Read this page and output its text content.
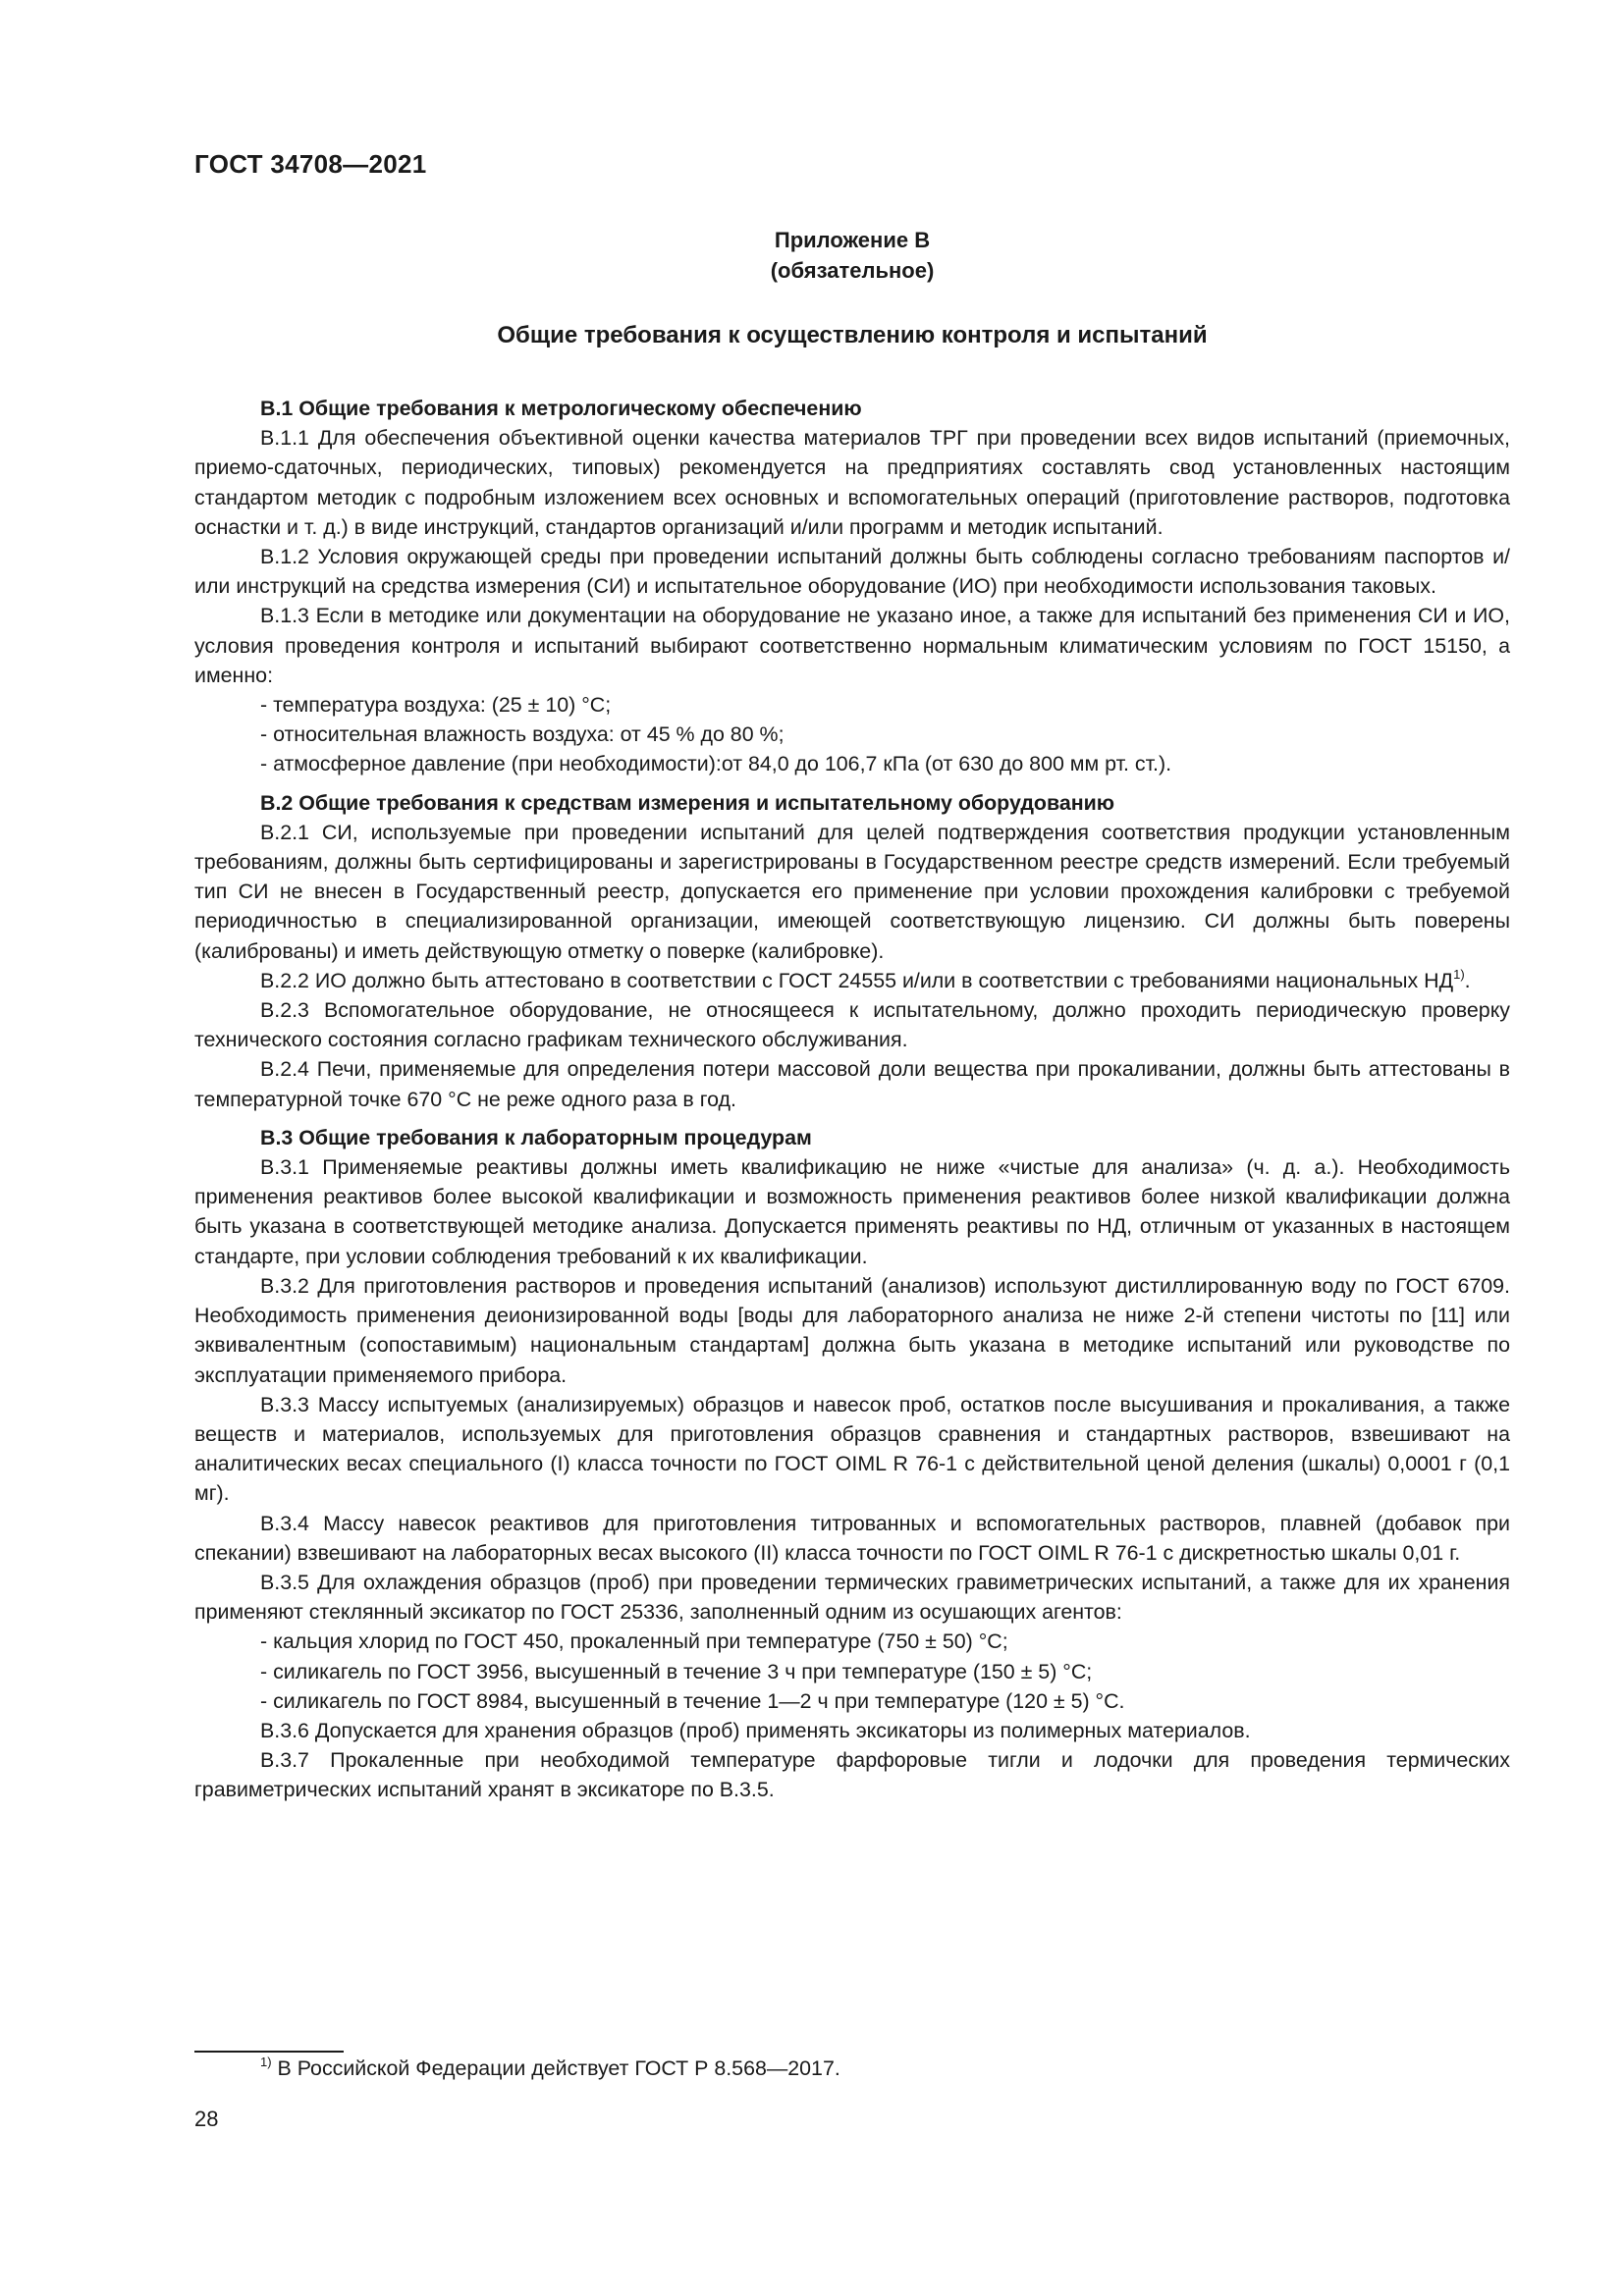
ГОСТ 34708—2021
Приложение В
(обязательное)
Общие требования к осуществлению контроля и испытаний

В.1 Общие требования к метрологическому обеспечению

В.1.1 Для обеспечения объективной оценки качества материалов ТРГ при проведении всех видов испытаний (приемочных, приемо-сдаточных, периодических, типовых) рекомендуется на предприятиях составлять свод установленных настоящим стандартом методик с подробным изложением всех основных и вспомогательных операций (приготовление растворов, подготовка оснастки и т. д.) в виде инструкций, стандартов организаций и/или программ и методик испытаний.

В.1.2 Условия окружающей среды при проведении испытаний должны быть соблюдены согласно требованиям паспортов и/или инструкций на средства измерения (СИ) и испытательное оборудование (ИО) при необходимости использования таковых.

В.1.3 Если в методике или документации на оборудование не указано иное, а также для испытаний без применения СИ и ИО, условия проведения контроля и испытаний выбирают соответственно нормальным климатическим условиям по ГОСТ 15150, а именно:

- температура воздуха: (25 ± 10) °С;

- относительная влажность воздуха: от 45 % до 80 %;

- атмосферное давление (при необходимости):от 84,0 до 106,7 кПа (от 630 до 800 мм рт. ст.).

В.2 Общие требования к средствам измерения и испытательному оборудованию

В.2.1 СИ, используемые при проведении испытаний для целей подтверждения соответствия продукции установленным требованиям, должны быть сертифицированы и зарегистрированы в Государственном реестре средств измерений. Если требуемый тип СИ не внесен в Государственный реестр, допускается его применение при условии прохождения калибровки с требуемой периодичностью в специализированной организации, имеющей соответствующую лицензию. СИ должны быть поверены (калиброваны) и иметь действующую отметку о поверке (калибровке).

В.2.2 ИО должно быть аттестовано в соответствии с ГОСТ 24555 и/или в соответствии с требованиями национальных НД$^{1)}$.

В.2.3 Вспомогательное оборудование, не относящееся к испытательному, должно проходить периодическую проверку технического состояния согласно графикам технического обслуживания.

В.2.4 Печи, применяемые для определения потери массовой доли вещества при прокаливании, должны быть аттестованы в температурной точке 670 °С не реже одного раза в год.

В.3 Общие требования к лабораторным процедурам

В.3.1 Применяемые реактивы должны иметь квалификацию не ниже «чистые для анализа» (ч. д. а.). Необходимость применения реактивов более высокой квалификации и возможность применения реактивов более низкой квалификации должна быть указана в соответствующей методике анализа. Допускается применять реактивы по НД, отличным от указанных в настоящем стандарте, при условии соблюдения требований к их квалификации.

В.3.2 Для приготовления растворов и проведения испытаний (анализов) используют дистиллированную воду по ГОСТ 6709. Необходимость применения деионизированной воды [воды для лабораторного анализа не ниже 2-й степени чистоты по [11] или эквивалентным (сопоставимым) национальным стандартам] должна быть указана в методике испытаний или руководстве по эксплуатации применяемого прибора.

В.3.3 Массу испытуемых (анализируемых) образцов и навесок проб, остатков после высушивания и прокаливания, а также веществ и материалов, используемых для приготовления образцов сравнения и стандартных растворов, взвешивают на аналитических весах специального (I) класса точности по ГОСТ OIML R 76-1 с действительной ценой деления (шкалы) 0,0001 г (0,1 мг).

В.3.4 Массу навесок реактивов для приготовления титрованных и вспомогательных растворов, плавней (добавок при спекании) взвешивают на лабораторных весах высокого (II) класса точности по ГОСТ OIML R 76-1 с дискретностью шкалы 0,01 г.

В.3.5 Для охлаждения образцов (проб) при проведении термических гравиметрических испытаний, а также для их хранения применяют стеклянный эксикатор по ГОСТ 25336, заполненный одним из осушающих агентов:

- кальция хлорид по ГОСТ 450, прокаленный при температуре (750 ± 50) °С;

- силикагель по ГОСТ 3956, высушенный в течение 3 ч при температуре (150 ± 5) °С;

- силикагель по ГОСТ 8984, высушенный в течение 1—2 ч при температуре (120 ± 5) °С.

В.3.6 Допускается для хранения образцов (проб) применять эксикаторы из полимерных материалов.

В.3.7 Прокаленные при необходимой температуре фарфоровые тигли и лодочки для проведения термических гравиметрических испытаний хранят в эксикаторе по В.3.5.

$^{1)}$ В Российской Федерации действует ГОСТ Р 8.568—2017.
28
